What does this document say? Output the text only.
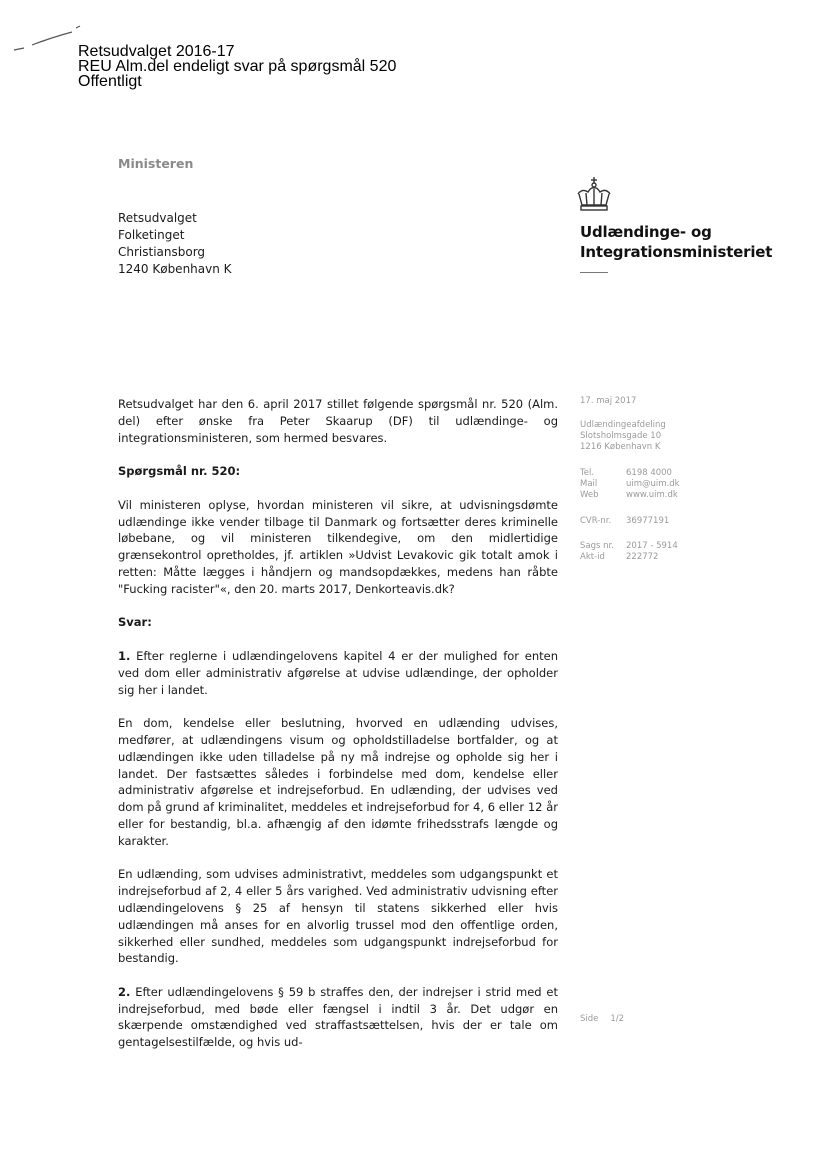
Retsudvalget 2016-17
REU Alm.del endeligt svar på spørgsmål 520
Offentligt
Ministeren
Retsudvalget
Folketinget
Christiansborg
1240 København K
Udlændinge- og
Integrationsministeriet
17. maj 2017
Udlændingeafdeling
Slotsholmsgade 10
1216 København K
Tel.	6198 4000
Mail	uim@uim.dk
Web	www.uim.dk
CVR-nr.	36977191
Sags nr.	2017 - 5914
Akt-id	222772

Retsudvalget har den 6. april 2017 stillet følgende spørgsmål nr. 520 (Alm. del) efter ønske fra Peter Skaarup (DF) til udlændinge- og integrationsministeren, som hermed besvares.

Spørgsmål nr. 520:

Vil ministeren oplyse, hvordan ministeren vil sikre, at udvisningsdømte udlændinge ikke vender tilbage til Danmark og fortsætter deres kriminelle løbebane, og vil ministeren tilkendegive, om den midlertidige grænsekontrol opretholdes, jf. artiklen »Udvist Levakovic gik totalt amok i retten: Måtte lægges i håndjern og mandsopdækkes, medens han råbte "Fucking racister"«, den 20. marts 2017, Denkorteavis.dk?

Svar:

1. Efter reglerne i udlændingelovens kapitel 4 er der mulighed for enten ved dom eller administrativ afgørelse at udvise udlændinge, der opholder sig her i landet.

En dom, kendelse eller beslutning, hvorved en udlænding udvises, medfører, at udlændingens visum og opholdstilladelse bortfalder, og at udlændingen ikke uden tilladelse på ny må indrejse og opholde sig her i landet. Der fastsættes således i forbindelse med dom, kendelse eller administrativ afgørelse et indrejseforbud. En udlænding, der udvises ved dom på grund af kriminalitet, meddeles et indrejseforbud for 4, 6 eller 12 år eller for bestandig, bl.a. afhængig af den idømte frihedsstrafs længde og karakter.

En udlænding, som udvises administrativt, meddeles som udgangspunkt et indrejseforbud af 2, 4 eller 5 års varighed. Ved administrativ udvisning efter udlændingelovens § 25 af hensyn til statens sikkerhed eller hvis udlændingen må anses for en alvorlig trussel mod den offentlige orden, sikkerhed eller sundhed, meddeles som udgangspunkt indrejseforbud for bestandig.

2. Efter udlændingelovens § 59 b straffes den, der indrejser i strid med et indrejseforbud, med bøde eller fængsel i indtil 3 år. Det udgør en skærpende omstændighed ved straffastsættelsen, hvis der er tale om gentagelsestilfælde, og hvis ud-

Side 1/2
